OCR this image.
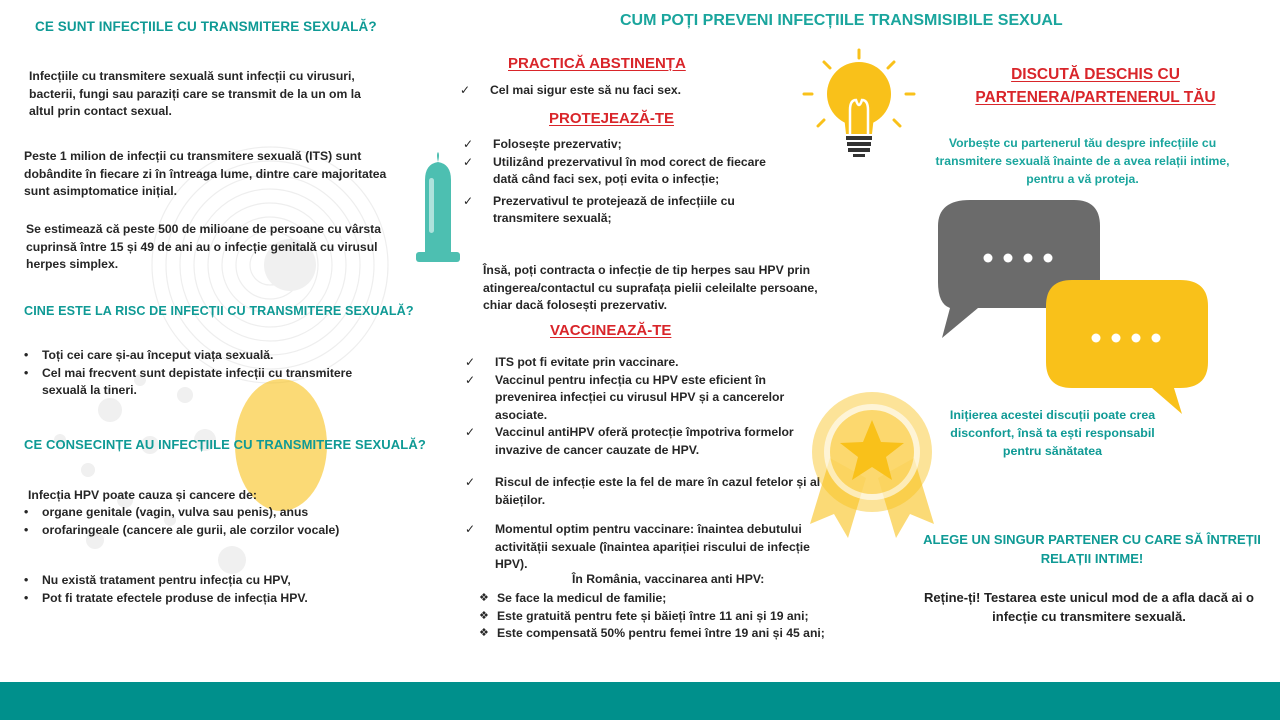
CE SUNT INFECȚIILE CU TRANSMITERE SEXUALĂ?
Infecțiile cu transmitere sexuală sunt infecții cu virusuri, bacterii, fungi sau paraziți care se transmit de la un om la altul prin contact sexual.
Peste 1 milion de infecții cu transmitere sexuală (ITS) sunt dobândite în fiecare zi în întreaga lume, dintre care majoritatea sunt asimptomatice inițial.
Se estimează că peste 500 de milioane de persoane cu vârsta cuprinsă între 15 și 49 de ani au o infecție genitală cu virusul herpes simplex.
CINE ESTE LA RISC DE INFECȚII CU TRANSMITERE SEXUALĂ?
• Toți cei care și-au început viața sexuală.
• Cel mai frecvent sunt depistate infecții cu transmitere sexuală la tineri.
CE CONSECINȚE AU INFECȚIILE CU TRANSMITERE SEXUALĂ?
Infecția HPV poate cauza și cancere de:
• organe genitale (vagin, vulva sau penis), anus
• orofaringeale (cancere ale gurii, ale corzilor vocale)
• Nu există tratament pentru infecția cu HPV,
• Pot fi tratate efectele produse de infecția HPV.
CUM POȚI PREVENI INFECȚIILE TRANSMISIBILE SEXUAL
PRACTICĂ ABSTINENȚA
✓ Cel mai sigur este să nu faci sex.
PROTEJEAZĂ-TE
✓ Folosește prezervativ;
✓ Utilizând prezervativul în mod corect de fiecare dată când faci sex, poți evita o infecție;
✓ Prezervativul te protejează de infecțiile cu transmitere sexuală;
Însă, poți contracta o infecție de tip herpes sau HPV prin atingerea/contactul cu suprafața pielii celeilalte persoane, chiar dacă folosești prezervativ.
VACCINEAZĂ-TE
✓ ITS pot fi evitate prin vaccinare.
✓ Vaccinul pentru infecția cu HPV este eficient în prevenirea infecției cu virusul HPV și a cancerelor asociate.
✓ Vaccinul antiHPV oferă protecție împotriva formelor invazive de cancer cauzate de HPV.
✓ Riscul de infecție este la fel de mare în cazul fetelor și al băieților.
✓ Momentul optim pentru vaccinare: înaintea debutului activității sexuale (înaintea apariției riscului de infecție HPV).
În România, vaccinarea anti HPV:
❖ Se face la medicul de familie;
❖ Este gratuită pentru fete și băieți între 11 ani și 19 ani;
❖ Este compensată 50% pentru femei între 19 ani și 45 ani;
DISCUTĂ DESCHIS CU PARTENERA/PARTENERUL TĂU
Vorbește cu partenerul tău despre infecțiile cu transmitere sexuală înainte de a avea relații intime, pentru a vă proteja.
Inițierea acestei discuții poate crea disconfort, însă ta ești responsabil pentru sănătatea
ALEGE UN SINGUR PARTENER CU CARE SĂ ÎNTREȚII RELAȚII INTIME!
Reține-ți! Testarea este unicul mod de a afla dacă ai o infecție cu transmitere sexuală.
